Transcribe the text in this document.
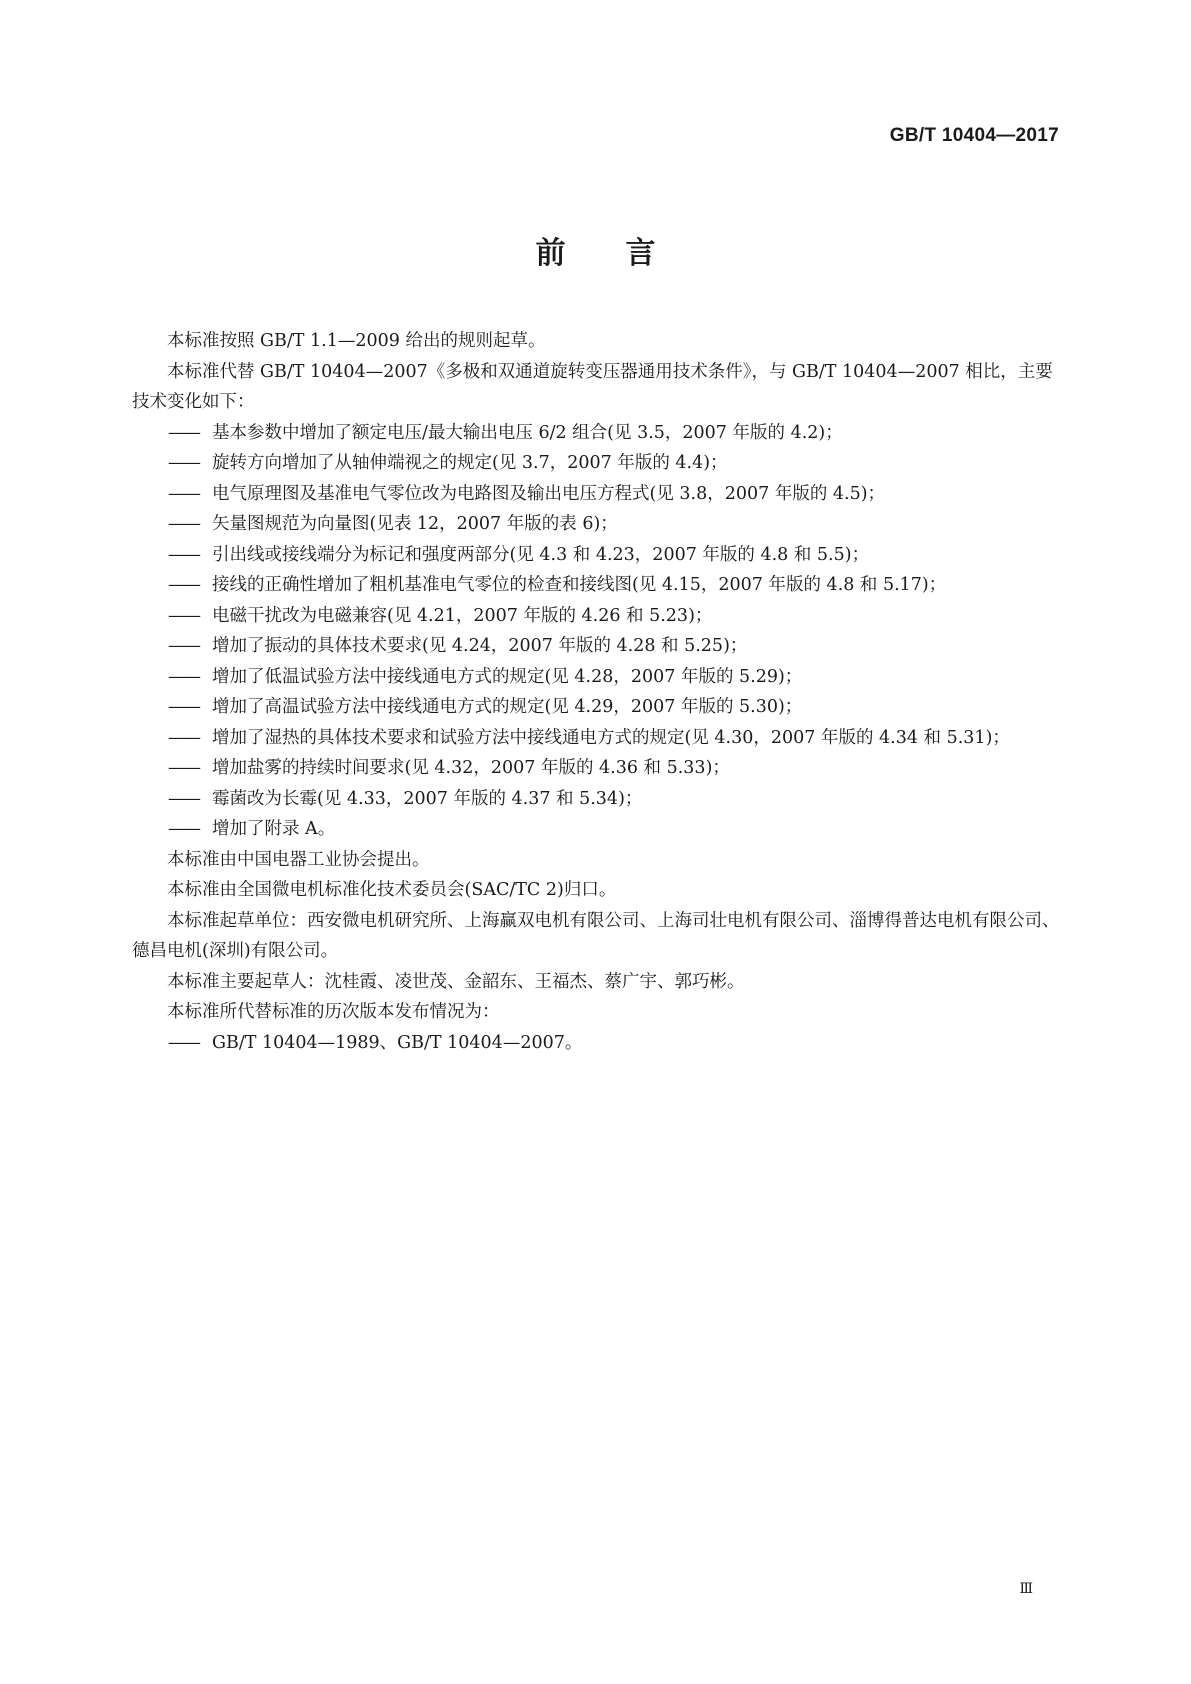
GB/T 10404—2017
前言

本标准按照 GB/T 1.1—2009 给出的规则起草。

本标准代替 GB/T 10404—2007《多极和双通道旋转变压器通用技术条件》，与 GB/T 10404—2007 相比，主要技术变化如下：

—— 基本参数中增加了额定电压/最大输出电压 6/2 组合(见 3.5，2007 年版的 4.2)；

—— 旋转方向增加了从轴伸端视之的规定(见 3.7，2007 年版的 4.4)；

—— 电气原理图及基准电气零位改为电路图及输出电压方程式(见 3.8，2007 年版的 4.5)；

—— 矢量图规范为向量图(见表 12，2007 年版的表 6)；

—— 引出线或接线端分为标记和强度两部分(见 4.3 和 4.23，2007 年版的 4.8 和 5.5)；

—— 接线的正确性增加了粗机基准电气零位的检查和接线图(见 4.15，2007 年版的 4.8 和 5.17)；

—— 电磁干扰改为电磁兼容(见 4.21，2007 年版的 4.26 和 5.23)；

—— 增加了振动的具体技术要求(见 4.24，2007 年版的 4.28 和 5.25)；

—— 增加了低温试验方法中接线通电方式的规定(见 4.28，2007 年版的 5.29)；

—— 增加了高温试验方法中接线通电方式的规定(见 4.29，2007 年版的 5.30)；

—— 增加了湿热的具体技术要求和试验方法中接线通电方式的规定(见 4.30，2007 年版的 4.34 和 5.31)；

—— 增加盐雾的持续时间要求(见 4.32，2007 年版的 4.36 和 5.33)；

—— 霉菌改为长霉(见 4.33，2007 年版的 4.37 和 5.34)；

—— 增加了附录 A。

本标准由中国电器工业协会提出。

本标准由全国微电机标准化技术委员会(SAC/TC 2)归口。

本标准起草单位：西安微电机研究所、上海赢双电机有限公司、上海司壮电机有限公司、淄博得普达电机有限公司、德昌电机(深圳)有限公司。

本标准主要起草人：沈桂霞、凌世茂、金韶东、王福杰、蔡广宇、郭巧彬。

本标准所代替标准的历次版本发布情况为：

—— GB/T 10404—1989、GB/T 10404—2007。

Ⅲ
